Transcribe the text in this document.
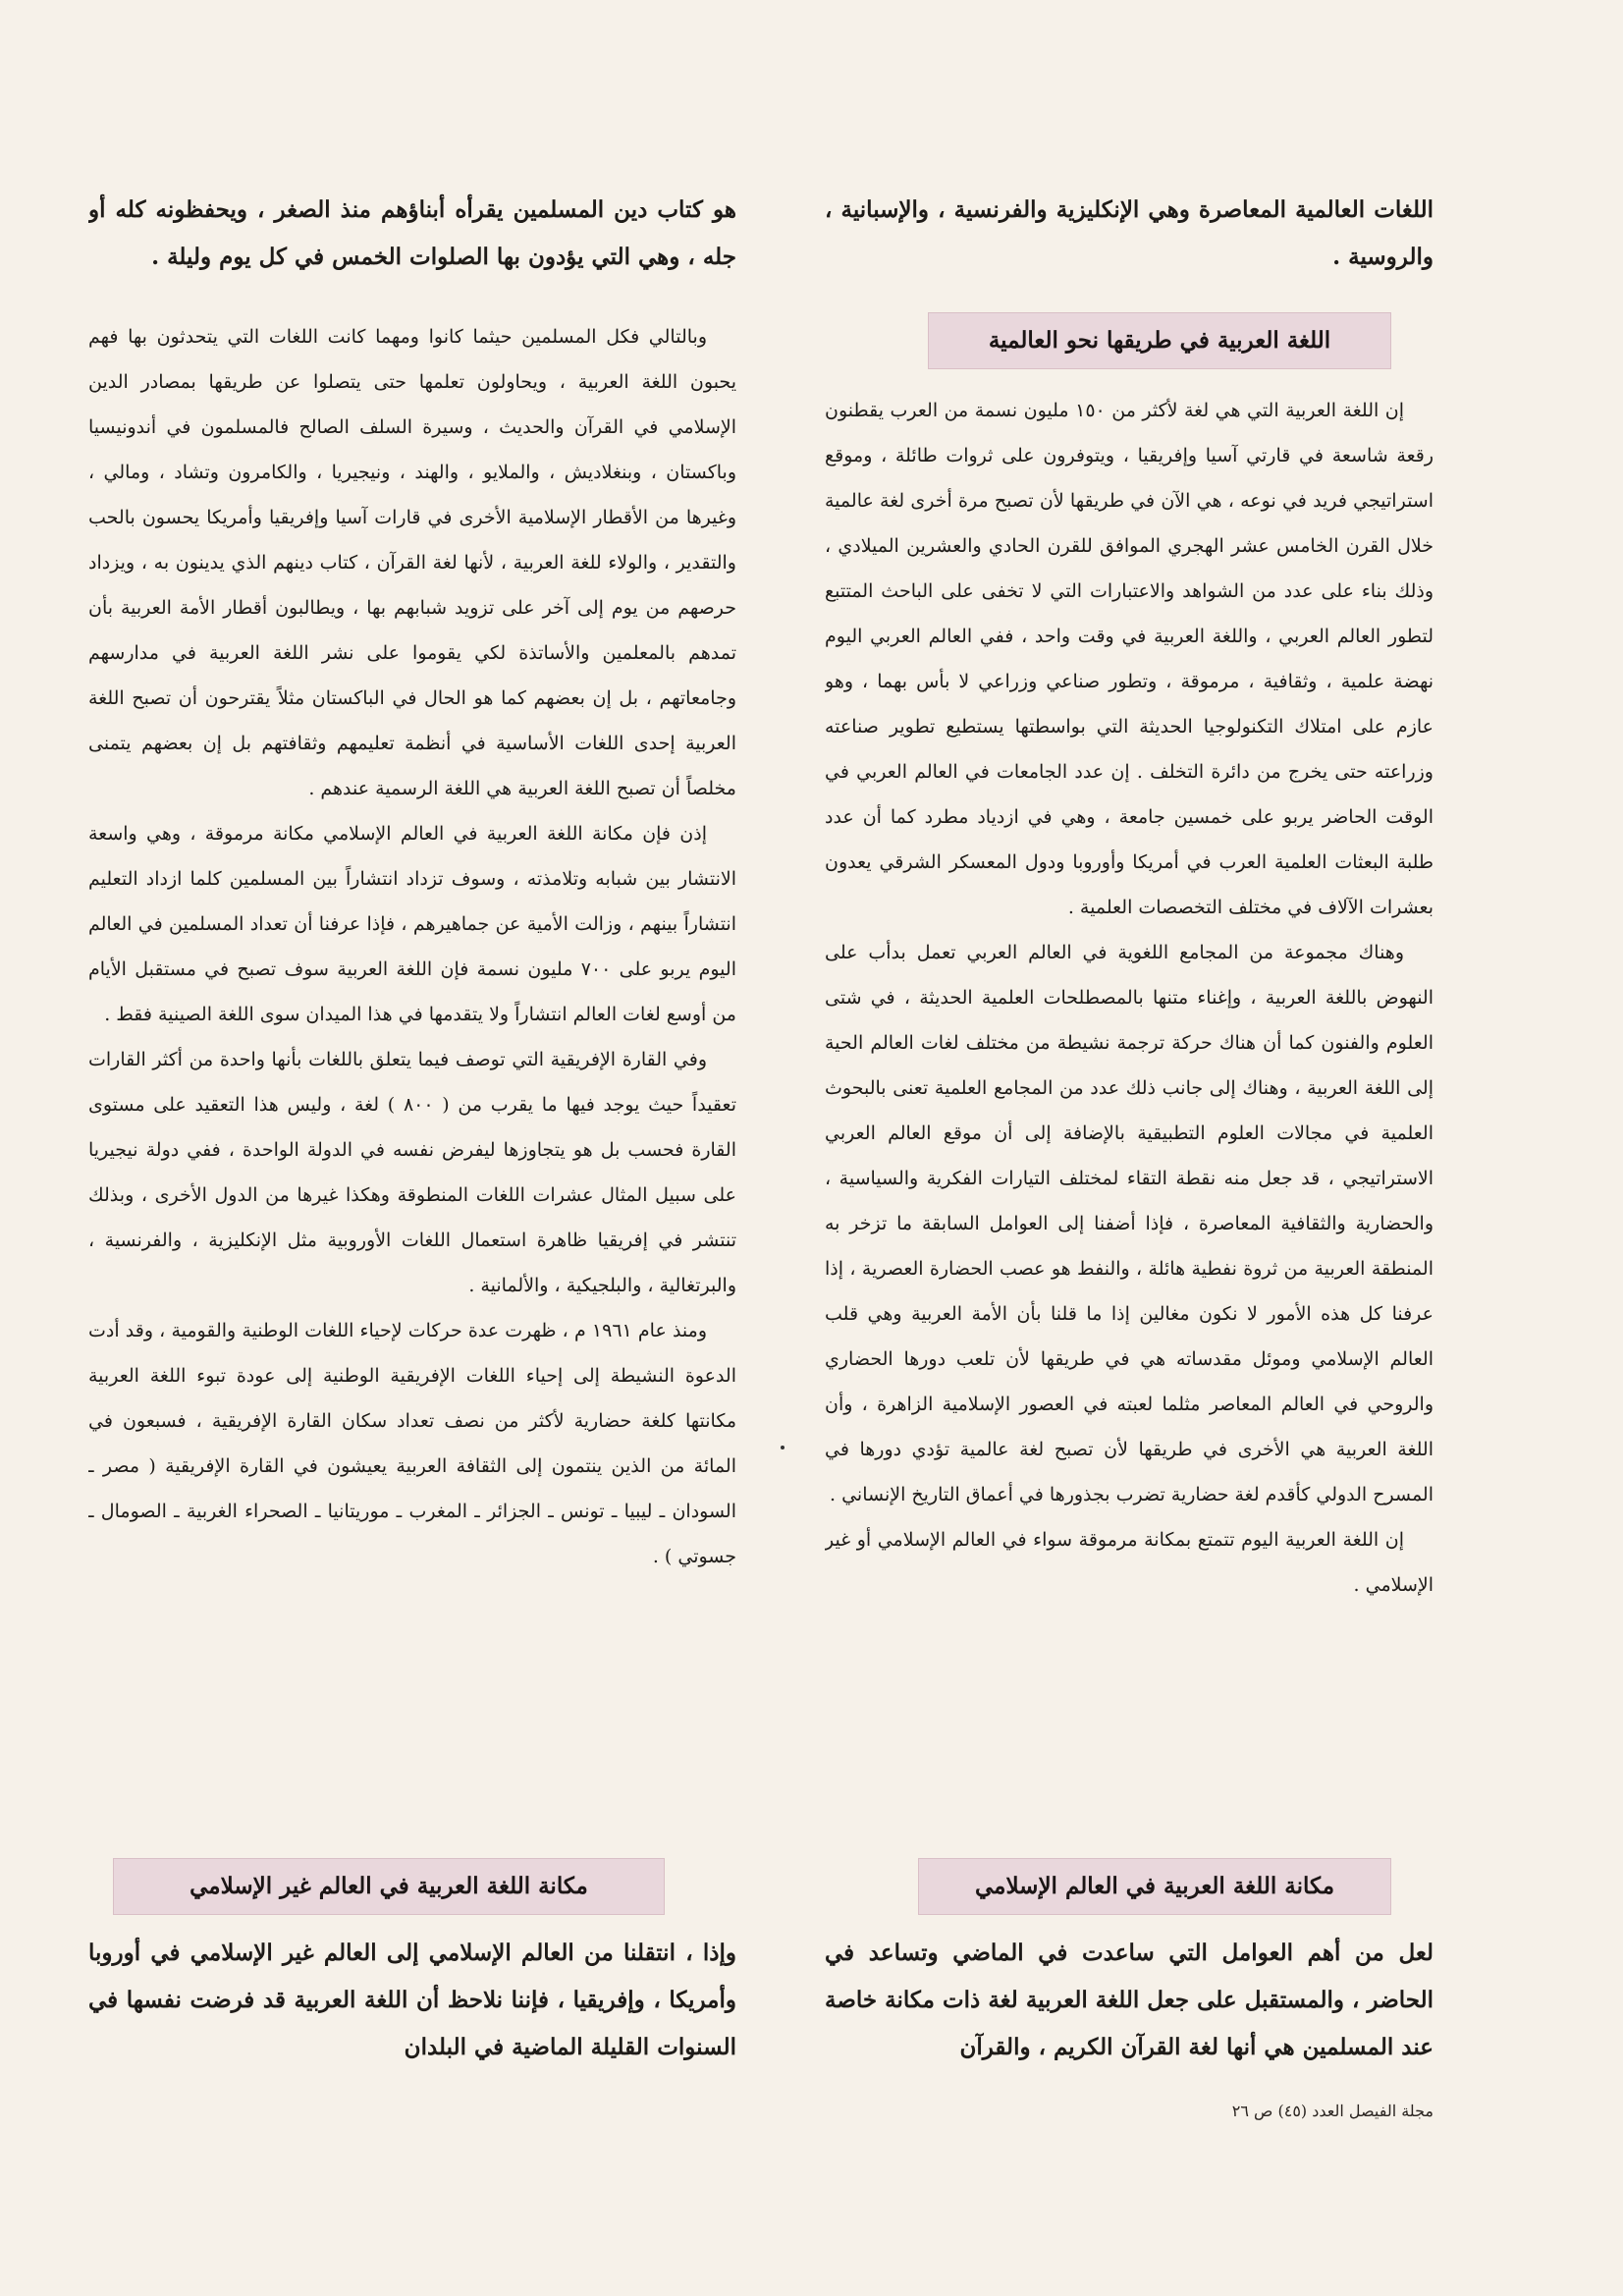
اللغات العالمية المعاصرة وهي الإنكليزية والفرنسية ، والإسبانية ، والروسية .

اللغة العربية في طريقها نحو العالمية

إن اللغة العربية التي هي لغة لأكثر من ١٥٠ مليون نسمة من العرب يقطنون رقعة شاسعة في قارتي آسيا وإفريقيا ، ويتوفرون على ثروات طائلة ، وموقع استراتيجي فريد في نوعه ، هي الآن في طريقها لأن تصبح مرة أخرى لغة عالمية خلال القرن الخامس عشر الهجري الموافق للقرن الحادي والعشرين الميلادي ، وذلك بناء على عدد من الشواهد والاعتبارات التي لا تخفى على الباحث المتتبع لتطور العالم العربي ، واللغة العربية في وقت واحد ، ففي العالم العربي اليوم نهضة علمية ، وثقافية ، مرموقة ، وتطور صناعي وزراعي لا بأس بهما ، وهو عازم على امتلاك التكنولوجيا الحديثة التي بواسطتها يستطيع تطوير صناعته وزراعته حتى يخرج من دائرة التخلف . إن عدد الجامعات في العالم العربي في الوقت الحاضر يربو على خمسين جامعة ، وهي في ازدياد مطرد كما أن عدد طلبة البعثات العلمية العرب في أمريكا وأوروبا ودول المعسكر الشرقي يعدون بعشرات الآلاف في مختلف التخصصات العلمية .

وهناك مجموعة من المجامع اللغوية في العالم العربي تعمل بدأب على النهوض باللغة العربية ، وإغناء متنها بالمصطلحات العلمية الحديثة ، في شتى العلوم والفنون كما أن هناك حركة ترجمة نشيطة من مختلف لغات العالم الحية إلى اللغة العربية ، وهناك إلى جانب ذلك عدد من المجامع العلمية تعنى بالبحوث العلمية في مجالات العلوم التطبيقية بالإضافة إلى أن موقع العالم العربي الاستراتيجي ، قد جعل منه نقطة التقاء لمختلف التيارات الفكرية والسياسية ، والحضارية والثقافية المعاصرة ، فإذا أضفنا إلى العوامل السابقة ما تزخر به المنطقة العربية من ثروة نفطية هائلة ، والنفط هو عصب الحضارة العصرية ، إذا عرفنا كل هذه الأمور لا نكون مغالين إذا ما قلنا بأن الأمة العربية وهي قلب العالم الإسلامي وموئل مقدساته هي في طريقها لأن تلعب دورها الحضاري والروحي في العالم المعاصر مثلما لعبته في العصور الإسلامية الزاهرة ، وأن اللغة العربية هي الأخرى في طريقها لأن تصبح لغة عالمية تؤدي دورها في المسرح الدولي كأقدم لغة حضارية تضرب بجذورها في أعماق التاريخ الإنساني .

إن اللغة العربية اليوم تتمتع بمكانة مرموقة سواء في العالم الإسلامي أو غير الإسلامي .

مكانة اللغة العربية في العالم الإسلامي

لعل من أهم العوامل التي ساعدت في الماضي وتساعد في الحاضر ، والمستقبل على جعل اللغة العربية لغة ذات مكانة خاصة عند المسلمين هي أنها لغة القرآن الكريم ، والقرآن

هو كتاب دين المسلمين يقرأه أبناؤهم منذ الصغر ، ويحفظونه كله أو جله ، وهي التي يؤدون بها الصلوات الخمس في كل يوم وليلة .

وبالتالي فكل المسلمين حيثما كانوا ومهما كانت اللغات التي يتحدثون بها فهم يحبون اللغة العربية ، ويحاولون تعلمها حتى يتصلوا عن طريقها بمصادر الدين الإسلامي في القرآن والحديث ، وسيرة السلف الصالح فالمسلمون في أندونيسيا وباكستان ، وبنغلاديش ، والملايو ، والهند ، ونيجيريا ، والكامرون وتشاد ، ومالي ، وغيرها من الأقطار الإسلامية الأخرى في قارات آسيا وإفريقيا وأمريكا يحسون بالحب والتقدير ، والولاء للغة العربية ، لأنها لغة القرآن ، كتاب دينهم الذي يدينون به ، ويزداد حرصهم من يوم إلى آخر على تزويد شبابهم بها ، ويطالبون أقطار الأمة العربية بأن تمدهم بالمعلمين والأساتذة لكي يقوموا على نشر اللغة العربية في مدارسهم وجامعاتهم ، بل إن بعضهم كما هو الحال في الباكستان مثلاً يقترحون أن تصبح اللغة العربية إحدى اللغات الأساسية في أنظمة تعليمهم وثقافتهم بل إن بعضهم يتمنى مخلصاً أن تصبح اللغة العربية هي اللغة الرسمية عندهم .

إذن فإن مكانة اللغة العربية في العالم الإسلامي مكانة مرموقة ، وهي واسعة الانتشار بين شبابه وتلامذته ، وسوف تزداد انتشاراً بين المسلمين كلما ازداد التعليم انتشاراً بينهم ، وزالت الأمية عن جماهيرهم ، فإذا عرفنا أن تعداد المسلمين في العالم اليوم يربو على ٧٠٠ مليون نسمة فإن اللغة العربية سوف تصبح في مستقبل الأيام من أوسع لغات العالم انتشاراً ولا يتقدمها في هذا الميدان سوى اللغة الصينية فقط .

وفي القارة الإفريقية التي توصف فيما يتعلق باللغات بأنها واحدة من أكثر القارات تعقيداً حيث يوجد فيها ما يقرب من ( ٨٠٠ ) لغة ، وليس هذا التعقيد على مستوى القارة فحسب بل هو يتجاوزها ليفرض نفسه في الدولة الواحدة ، ففي دولة نيجيريا على سبيل المثال عشرات اللغات المنطوقة وهكذا غيرها من الدول الأخرى ، وبذلك تنتشر في إفريقيا ظاهرة استعمال اللغات الأوروبية مثل الإنكليزية ، والفرنسية ، والبرتغالية ، والبلجيكية ، والألمانية .

ومنذ عام ١٩٦١ م ، ظهرت عدة حركات لإحياء اللغات الوطنية والقومية ، وقد أدت الدعوة النشيطة إلى إحياء اللغات الإفريقية الوطنية إلى عودة تبوء اللغة العربية مكانتها كلغة حضارية لأكثر من نصف تعداد سكان القارة الإفريقية ، فسبعون في المائة من الذين ينتمون إلى الثقافة العربية يعيشون في القارة الإفريقية ( مصر ـ السودان ـ ليبيا ـ تونس ـ الجزائر ـ المغرب ـ موريتانيا ـ الصحراء الغربية ـ الصومال ـ جسوتي ) .

مكانة اللغة العربية في العالم غير الإسلامي

وإذا ، انتقلنا من العالم الإسلامي إلى العالم غير الإسلامي في أوروبا وأمريكا ، وإفريقيا ، فإننا نلاحظ أن اللغة العربية قد فرضت نفسها في السنوات القليلة الماضية في البلدان

مجلة الفيصل العدد (٤٥) ص ٢٦
